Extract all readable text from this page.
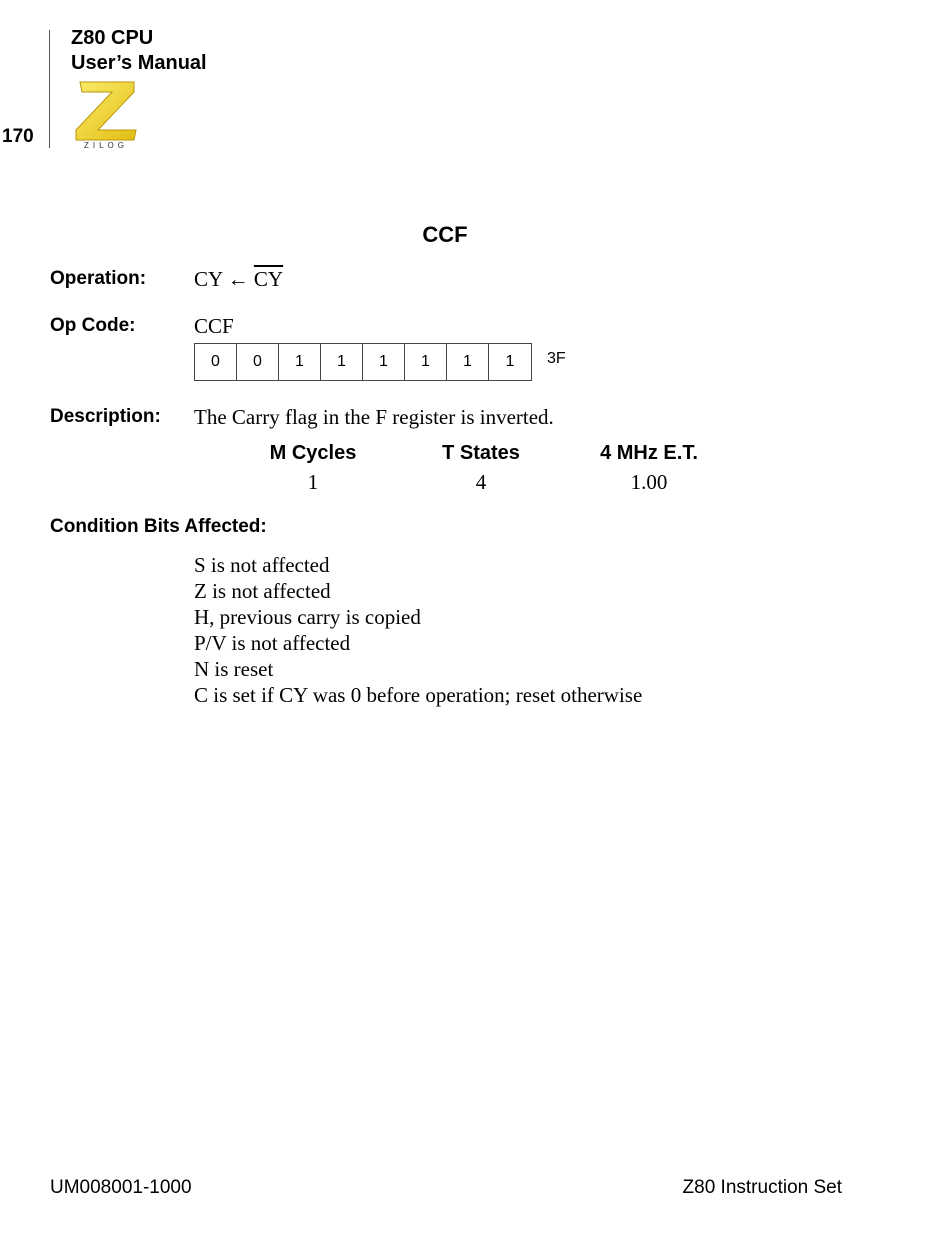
Z80 CPU
User’s Manual
170	ZILOG
CCF
Operation: CY ← $\overline{CY}$
Op Code:	CCF
0	0	1	1	1	1	1	1	3F
Description: The Carry flag in the F register is inverted.
M Cycles	T States	4 MHz E.T.
1	4	1.00
Condition Bits Affected:
S is not affected
Z is not affected
H, previous carry is copied
P/V is not affected
N is reset
C is set if CY was 0 before operation; reset otherwise
UM008001-1000	Z80 Instruction Set
